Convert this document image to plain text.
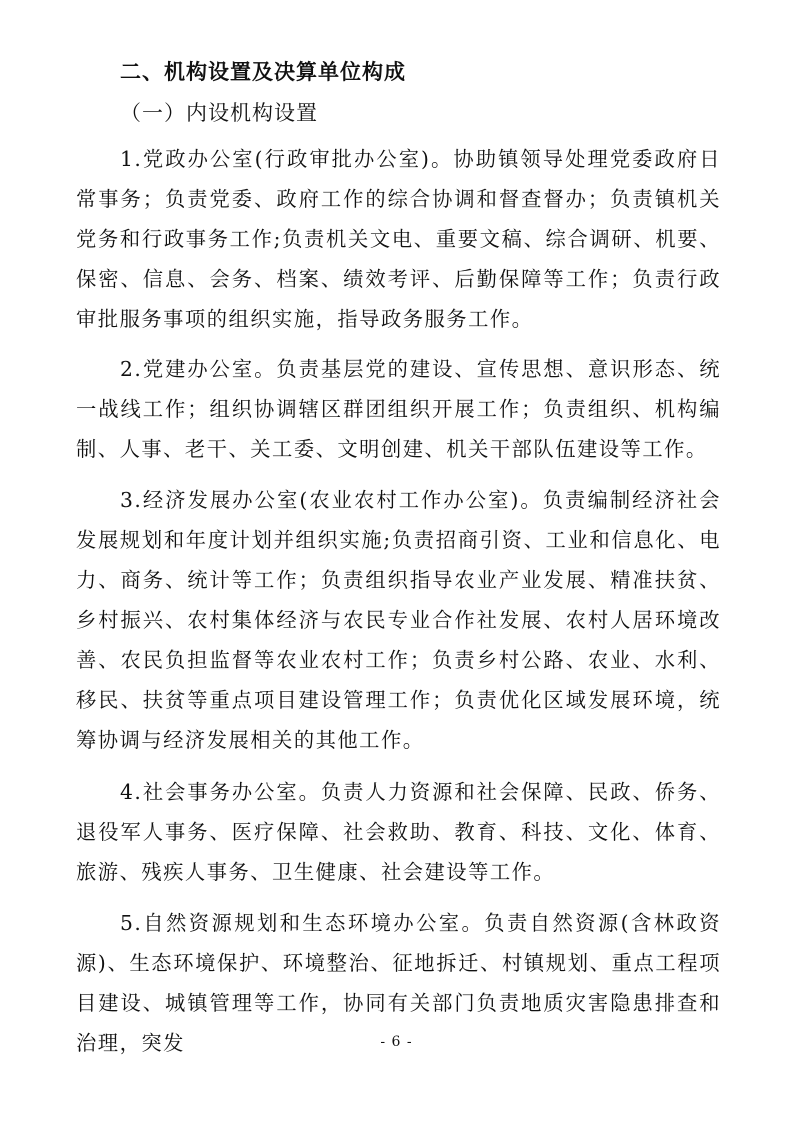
二、机构设置及决算单位构成
（一）内设机构设置

1.党政办公室(行政审批办公室)。协助镇领导处理党委政府日常事务；负责党委、政府工作的综合协调和督查督办；负责镇机关党务和行政事务工作;负责机关文电、重要文稿、综合调研、机要、保密、信息、会务、档案、绩效考评、后勤保障等工作；负责行政审批服务事项的组织实施，指导政务服务工作。

2.党建办公室。负责基层党的建设、宣传思想、意识形态、统一战线工作；组织协调辖区群团组织开展工作；负责组织、机构编制、人事、老干、关工委、文明创建、机关干部队伍建设等工作。

3.经济发展办公室(农业农村工作办公室)。负责编制经济社会发展规划和年度计划并组织实施;负责招商引资、工业和信息化、电力、商务、统计等工作；负责组织指导农业产业发展、精准扶贫、乡村振兴、农村集体经济与农民专业合作社发展、农村人居环境改善、农民负担监督等农业农村工作；负责乡村公路、农业、水利、移民、扶贫等重点项目建设管理工作；负责优化区域发展环境，统筹协调与经济发展相关的其他工作。

4.社会事务办公室。负责人力资源和社会保障、民政、侨务、退役军人事务、医疗保障、社会救助、教育、科技、文化、体育、旅游、残疾人事务、卫生健康、社会建设等工作。

5.自然资源规划和生态环境办公室。负责自然资源(含林政资源)、生态环境保护、环境整治、征地拆迁、村镇规划、重点工程项目建设、城镇管理等工作，协同有关部门负责地质灾害隐患排查和治理，突发	- 6 -
